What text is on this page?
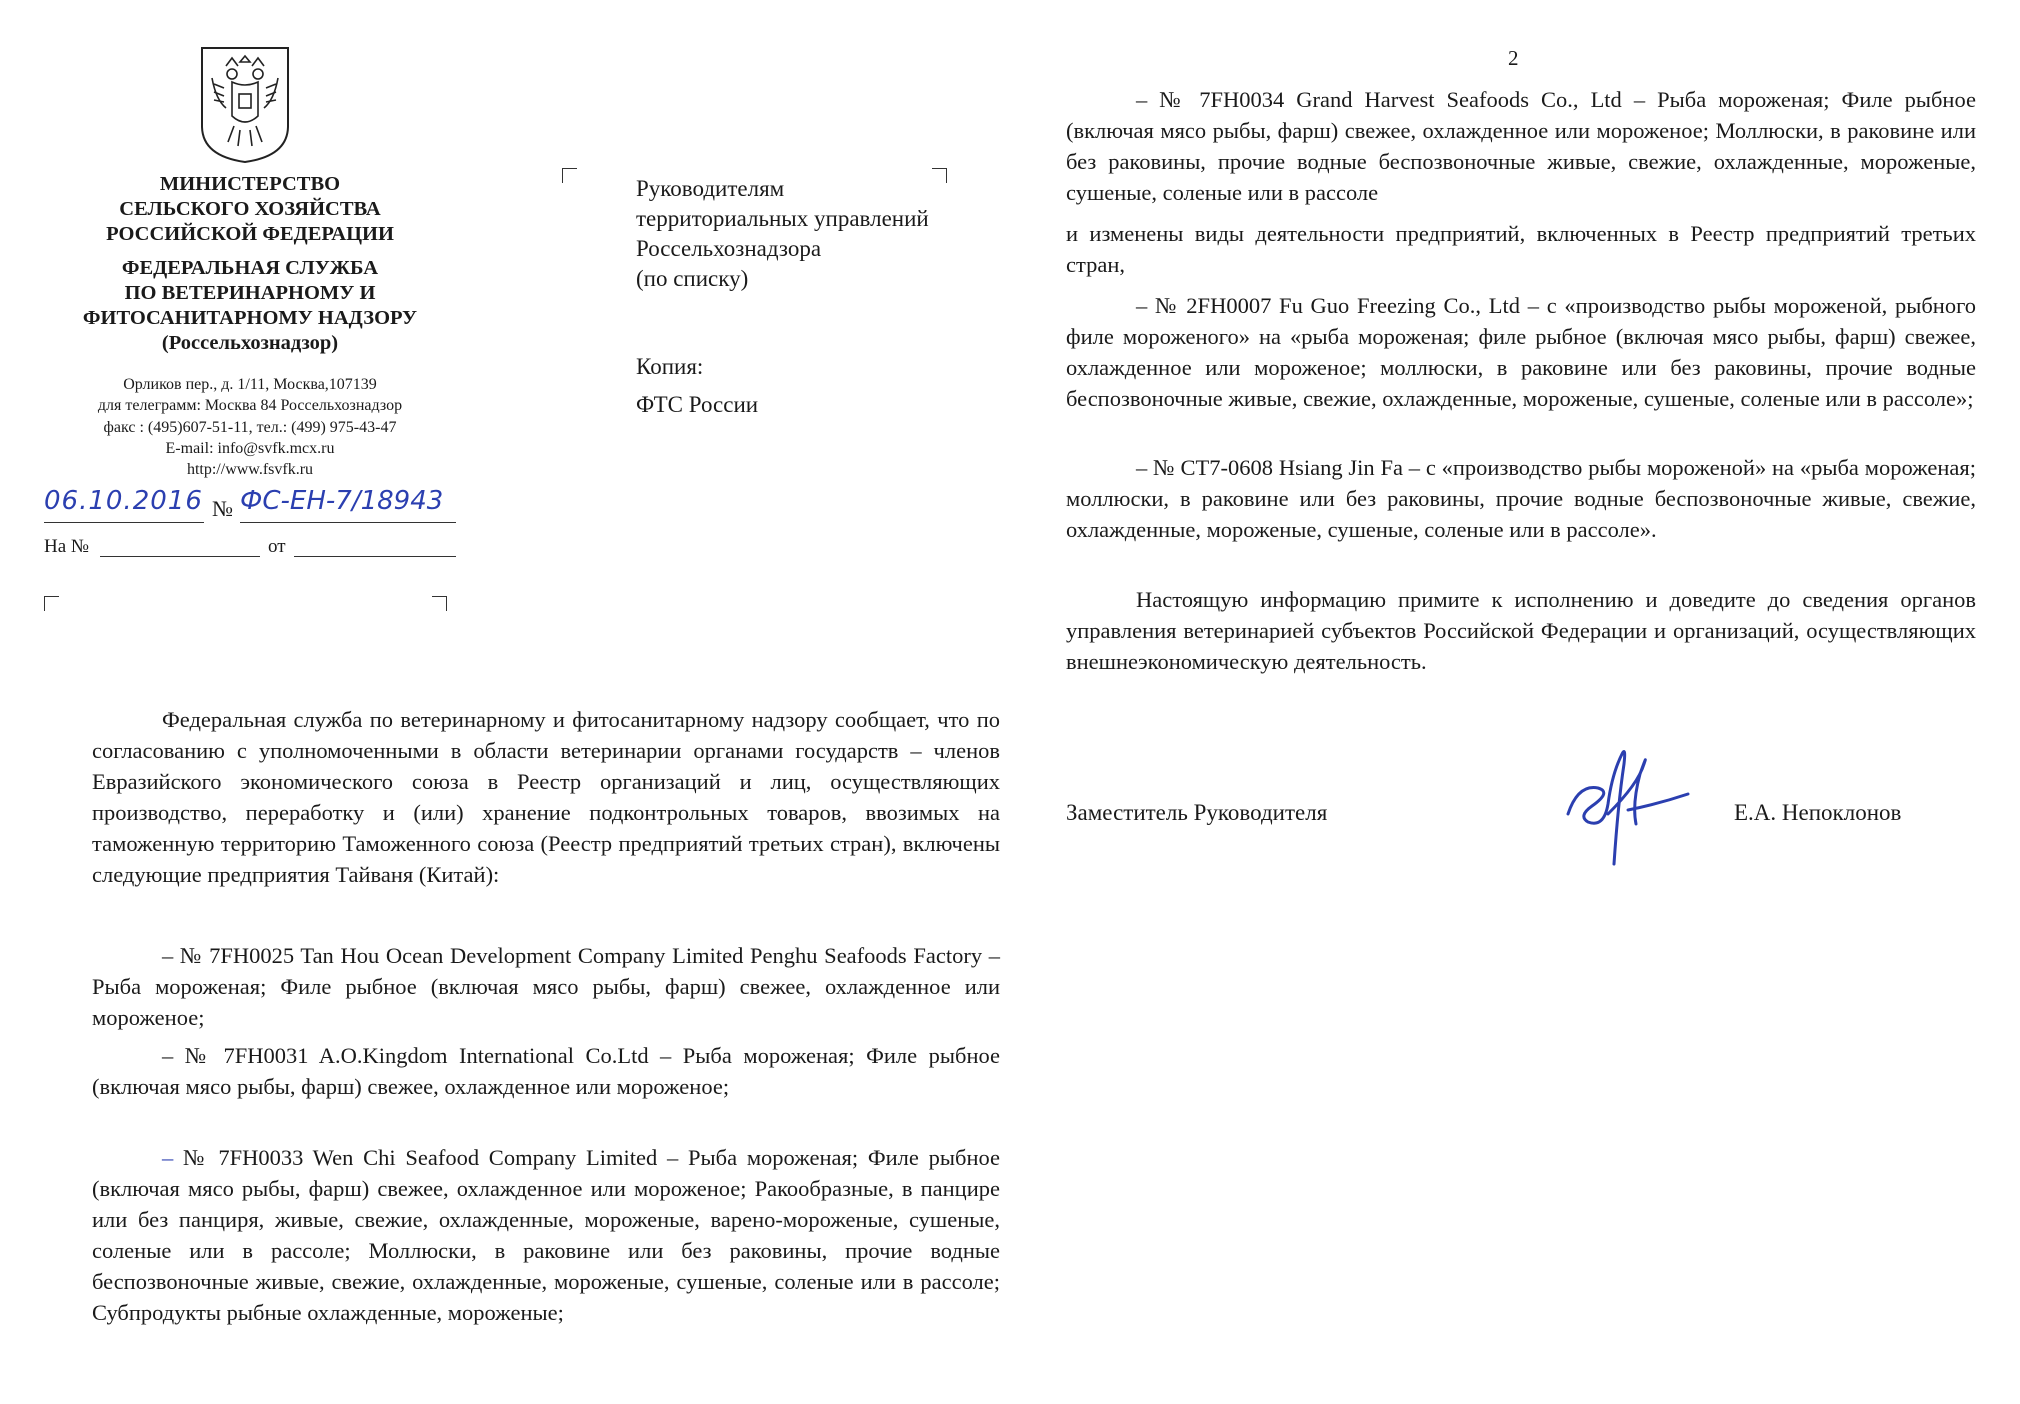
МИНИСТЕРСТВО
СЕЛЬСКОГО ХОЗЯЙСТВА
РОССИЙСКОЙ ФЕДЕРАЦИИ
ФЕДЕРАЛЬНАЯ СЛУЖБА
ПО ВЕТЕРИНАРНОМУ И
ФИТОСАНИТАРНОМУ НАДЗОРУ
(Россельхознадзор)
Орликов пер., д. 1/11, Москва,107139
для телеграмм: Москва 84 Россельхознадзор
факс : (495)607-51-11, тел.: (499) 975-43-47
E-mail: info@svfk.mcx.ru
http://www.fsvfk.ru
06.10.2016 № ФС-ЕН-7/18943
На №	от
Руководителям
территориальных управлений
Россельхознадзора
(по списку)
Копия:
ФТС России

Федеральная служба по ветеринарному и фитосанитарному надзору сообщает, что по согласованию с уполномоченными в области ветеринарии органами государств – членов Евразийского экономического союза в Реестр организаций и лиц, осуществляющих производство, переработку и (или) хранение подконтрольных товаров, ввозимых на таможенную территорию Таможенного союза (Реестр предприятий третьих стран), включены следующие предприятия Тайваня (Китай):

– № 7FH0025 Tan Hou Ocean Development Company Limited Penghu Seafoods Factory – Рыба мороженая; Филе рыбное (включая мясо рыбы, фарш) свежее, охлажденное или мороженое;

– № 7FH0031 A.O.Kingdom International Co.Ltd – Рыба мороженая; Филе рыбное (включая мясо рыбы, фарш) свежее, охлажденное или мороженое;

– № 7FH0033 Wen Chi Seafood Company Limited – Рыба мороженая; Филе рыбное (включая мясо рыбы, фарш) свежее, охлажденное или мороженое; Ракообразные, в панцире или без панциря, живые, свежие, охлажденные, мороженые, варено-мороженые, сушеные, соленые или в рассоле; Моллюски, в раковине или без раковины, прочие водные беспозвоночные живые, свежие, охлажденные, мороженые, сушеные, соленые или в рассоле; Субпродукты рыбные охлажденные, мороженые;

2

– № 7FH0034 Grand Harvest Seafoods Co., Ltd – Рыба мороженая; Филе рыбное (включая мясо рыбы, фарш) свежее, охлажденное или мороженое; Моллюски, в раковине или без раковины, прочие водные беспозвоночные живые, свежие, охлажденные, мороженые, сушеные, соленые или в рассоле

и изменены виды деятельности предприятий, включенных в Реестр предприятий третьих стран,

– № 2FH0007 Fu Guo Freezing Co., Ltd – с «производство рыбы мороженой, рыбного филе мороженого» на «рыба мороженая; филе рыбное (включая мясо рыбы, фарш) свежее, охлажденное или мороженое; моллюски, в раковине или без раковины, прочие водные беспозвоночные живые, свежие, охлажденные, мороженые, сушеные, соленые или в рассоле»;

– № CT7-0608 Hsiang Jin Fa – с «производство рыбы мороженой» на «рыба мороженая; моллюски, в раковине или без раковины, прочие водные беспозвоночные живые, свежие, охлажденные, мороженые, сушеные, соленые или в рассоле».

Настоящую информацию примите к исполнению и доведите до сведения органов управления ветеринарией субъектов Российской Федерации и организаций, осуществляющих внешнеэкономическую деятельность.

Заместитель Руководителя	Е.А. Непоклонов
